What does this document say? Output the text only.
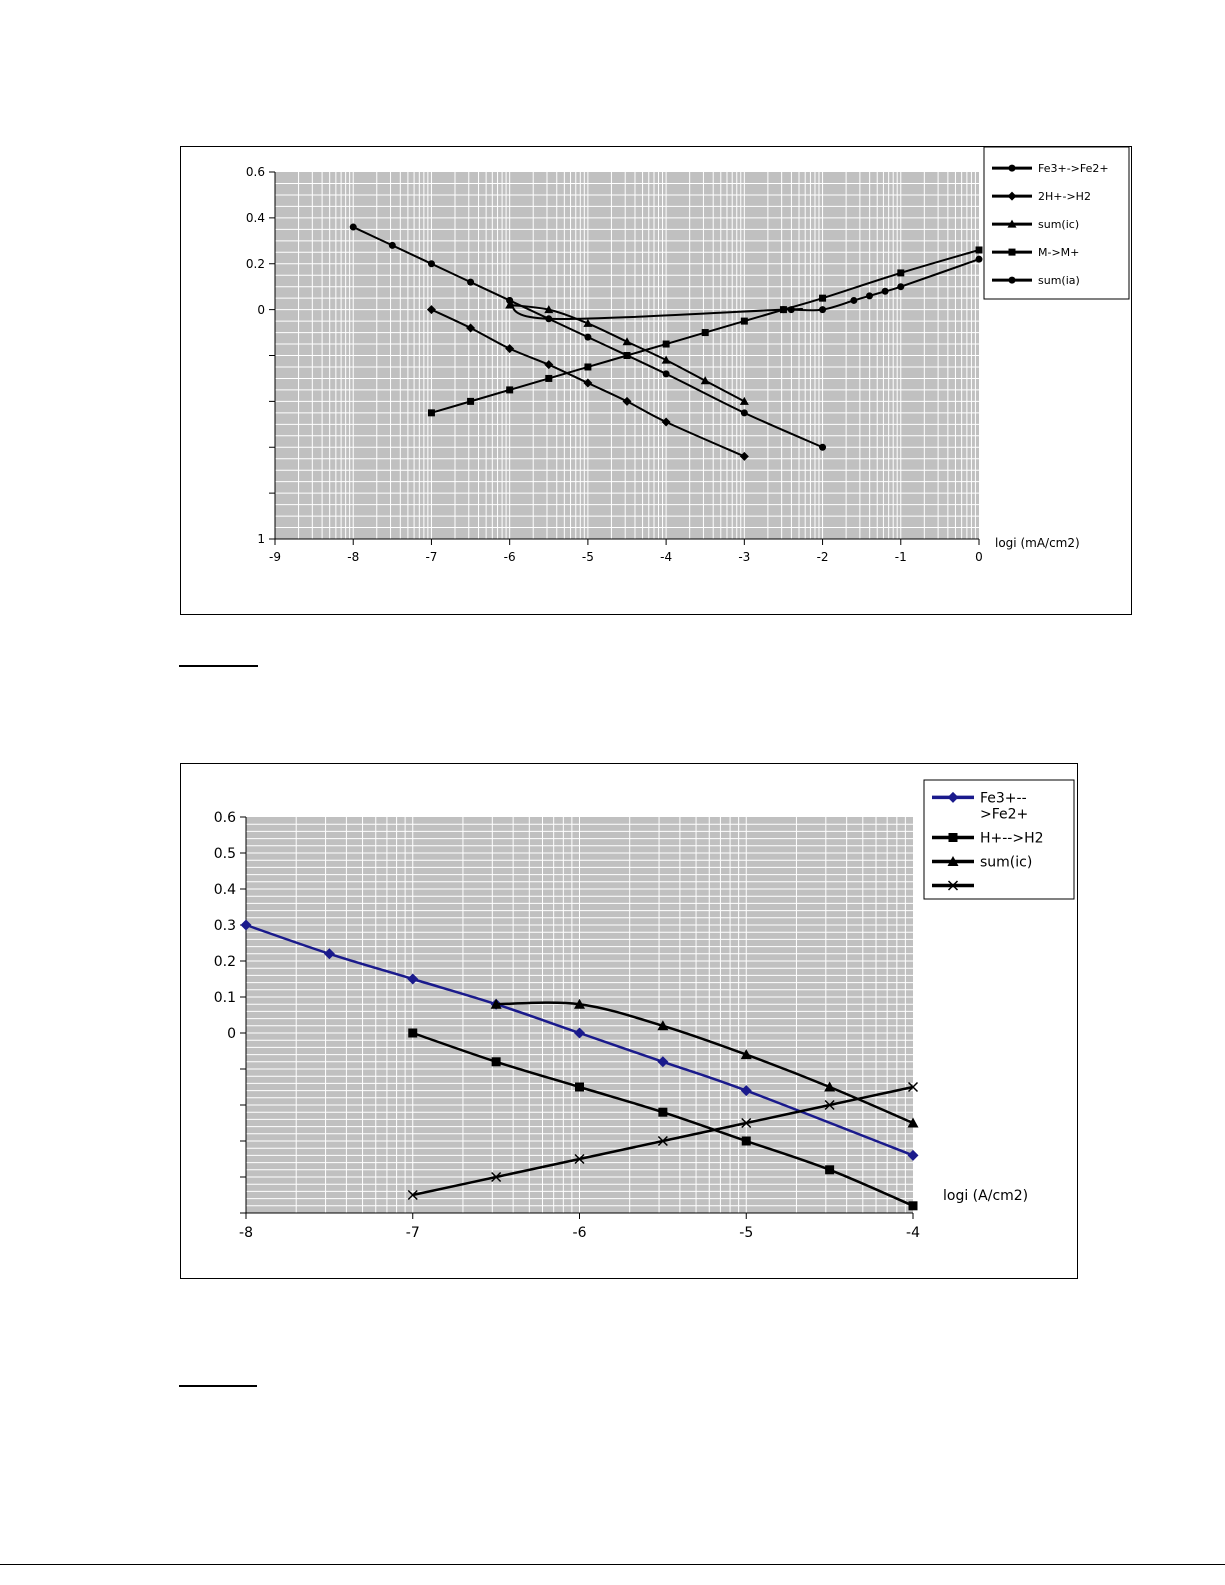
0.6
0.4
0.2
0
1
-9	-8	-7	-6	-5	-4	-3	-2	-1	0
logi (mA/cm2)
Fe3+->Fe2+
2H+->H2
sum(ic)
M->M+
sum(ia)
0.6
0.5
0.4
0.3
0.2
0.1
0
-8	-7	-6	-5	-4
logi (A/cm2)
Fe3+-->Fe2+
H+-->H2
sum(ic)
